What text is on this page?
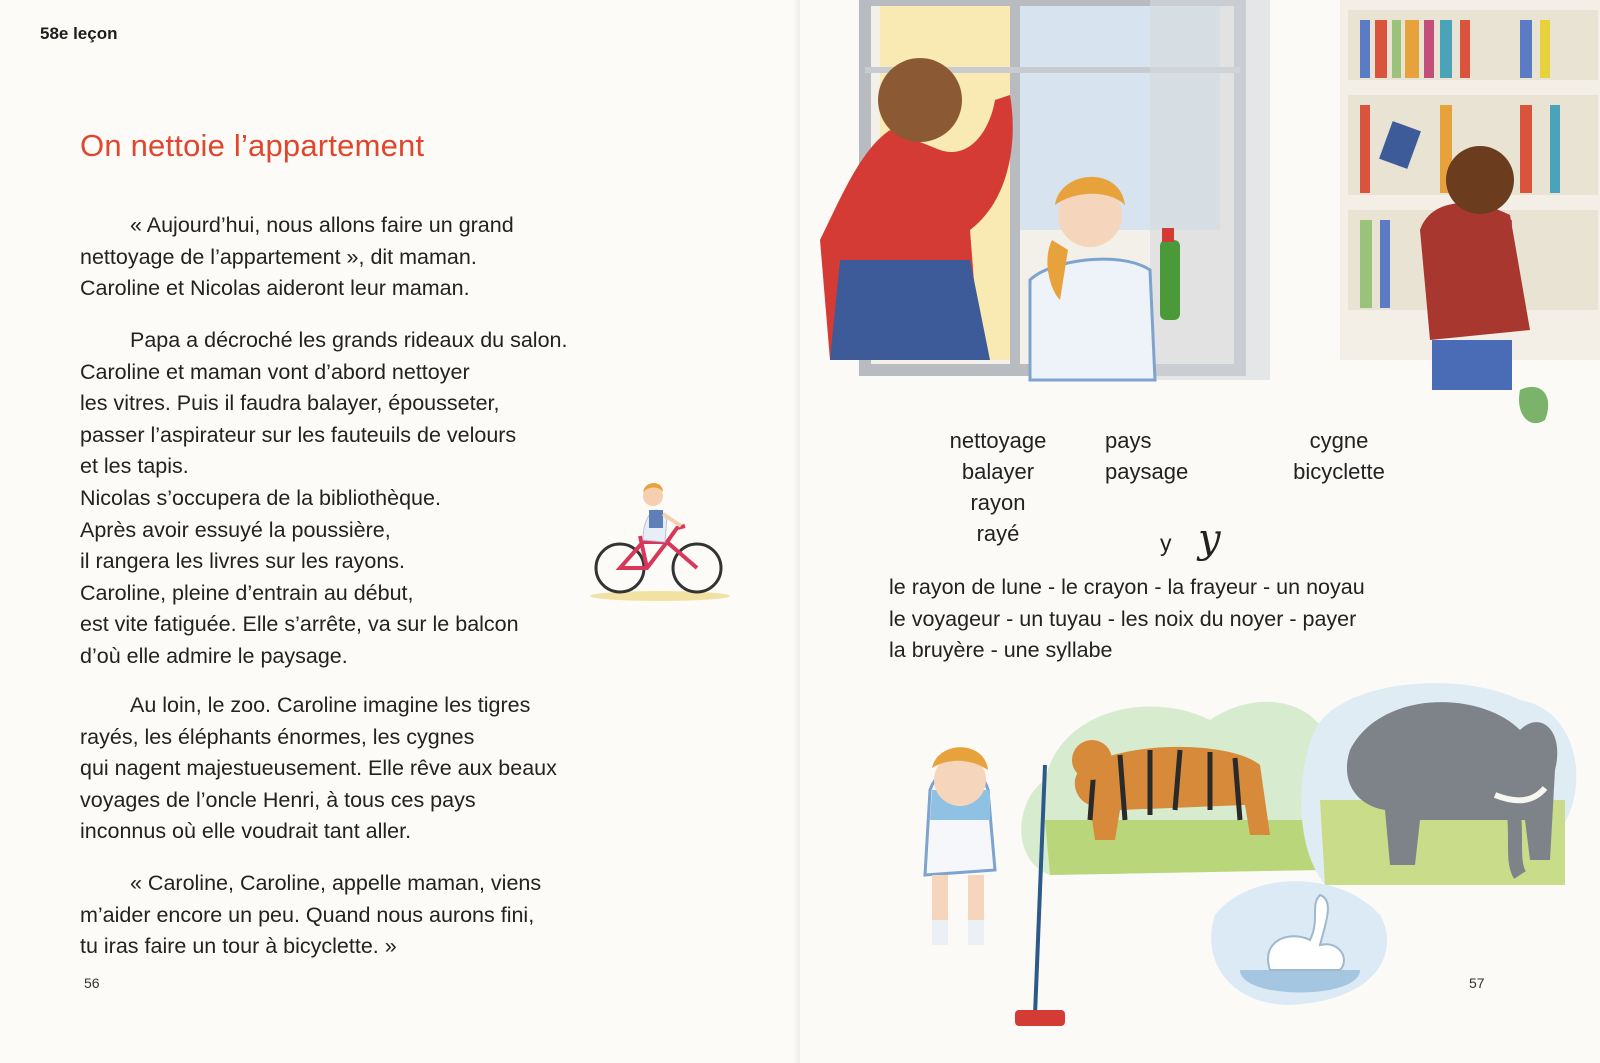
58e leçon
On nettoie l’appartement
« Aujourd’hui, nous allons faire un grand
nettoyage de l’appartement », dit maman.
Caroline et Nicolas aideront leur maman.
Papa a décroché les grands rideaux du salon.
Caroline et maman vont d’abord nettoyer
les vitres. Puis il faudra balayer, épousseter,
passer l’aspirateur sur les fauteuils de velours
et les tapis.
Nicolas s’occupera de la bibliothèque.
Après avoir essuyé la poussière,
il rangera les livres sur les rayons.
Caroline, pleine d’entrain au début,
est vite fatiguée. Elle s’arrête, va sur le balcon
d’où elle admire le paysage.
Au loin, le zoo. Caroline imagine les tigres
rayés, les éléphants énormes, les cygnes
qui nagent majestueusement. Elle rêve aux beaux
voyages de l’oncle Henri, à tous ces pays
inconnus où elle voudrait tant aller.
« Caroline, Caroline, appelle maman, viens
m’aider encore un peu. Quand nous aurons fini,
tu iras faire un tour à bicyclette. »
56
nettoyage
balayer
rayon
rayé
pays
paysage
cygne
bicyclette
y y
le rayon de lune - le crayon - la frayeur - un noyau
le voyageur - un tuyau - les noix du noyer - payer
la bruyère - une syllabe
57
